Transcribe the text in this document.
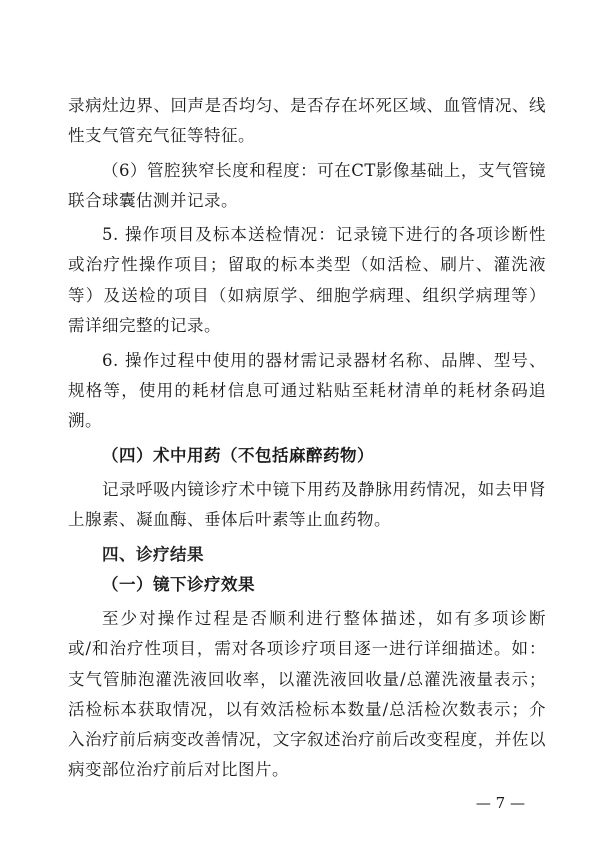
录病灶边界、回声是否均匀、是否存在坏死区域、血管情况、线
性支气管充气征等特征。
（6）管腔狭窄长度和程度：可在CT影像基础上，支气管镜
联合球囊估测并记录。
5. 操作项目及标本送检情况：记录镜下进行的各项诊断性
或治疗性操作项目；留取的标本类型（如活检、刷片、灌洗液
等）及送检的项目（如病原学、细胞学病理、组织学病理等）
需详细完整的记录。
6. 操作过程中使用的器材需记录器材名称、品牌、型号、
规格等，使用的耗材信息可通过粘贴至耗材清单的耗材条码追
溯。
（四）术中用药（不包括麻醉药物）
记录呼吸内镜诊疗术中镜下用药及静脉用药情况，如去甲肾
上腺素、凝血酶、垂体后叶素等止血药物。
四、诊疗结果
（一）镜下诊疗效果
至少对操作过程是否顺利进行整体描述，如有多项诊断
或/和治疗性项目，需对各项诊疗项目逐一进行详细描述。如：
支气管肺泡灌洗液回收率，以灌洗液回收量/总灌洗液量表示；
活检标本获取情况，以有效活检标本数量/总活检次数表示；介
入治疗前后病变改善情况，文字叙述治疗前后改变程度，并佐以
病变部位治疗前后对比图片。
— 7 —
